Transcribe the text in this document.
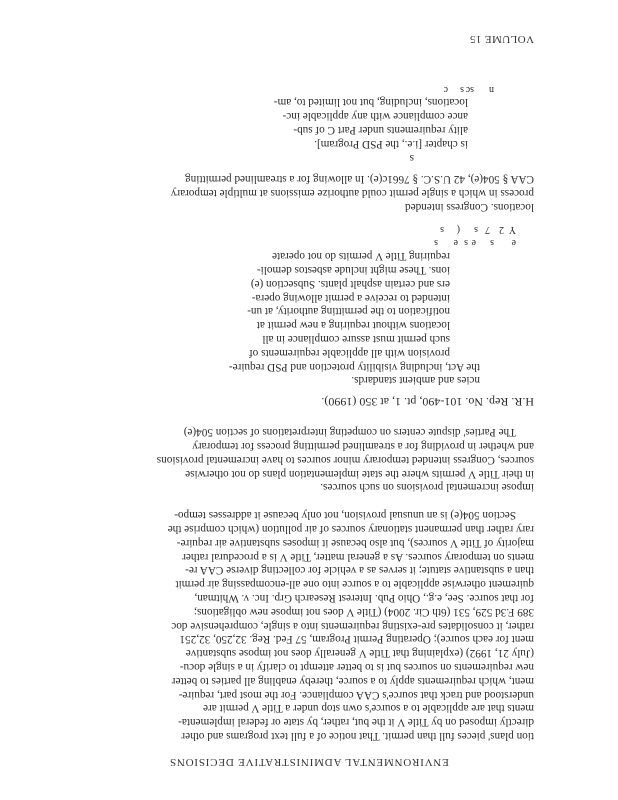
ENVIRONMENTAL ADMINISTRATIVE DECISIONS
tion plans' pieces full than permit. That notice of a full text programs and other
directly imposed on by Title V it the but, rather, by state or federal implementa-
ments that are applicable to a source's own stop under a Title V permit are
understood and track that source's CAA compliance. For the most part, require-
ment, which requirements apply to a source, thereby enabling all parties to better
new requirements on sources but is to better attempt to clarify in a single docu-
(July 21, 1992) (explaining that Title V generally does not impose substantive
ment for each source); Operating Permit Program, 57 Fed. Reg. 32,250, 32,251
rather, it consolidates pre-existing requirements into a single, comprehensive doc
389 F.3d 529, 531 (6th Cir. 2004) (Title V does not impose new obligations;
for that source. See, e.g., Ohio Pub. Interest Research Grp. Inc. v. Whitman,
quirement otherwise applicable to a source into one all-encompassing air permit
than a substantive statute; it serves as a vehicle for collecting diverse CAA re-
ments on temporary sources. As a general matter, Title V is a procedural rather
majority of Title V sources), but also because it imposes substantive air require-
rary rather than permanent stationary sources of air pollution (which comprise the
Section 504(e) is an unusual provision, not only because it addresses tempo-
impose incremental provisions on such sources.
in their Title V permits where the state implementation plans do not otherwise
sources, Congress intended temporary minor sources to have incremental provisions
and whether in providing for a streamlined permitting process for temporary
The Parties' dispute centers on competing interpretations of section 504(e)
H.R. Rep. No. 101-490, pt. 1, at 350 (1990).
ncies and ambient standards.
the Act, including visibility protection and PSD require-
provision with all applicable requirements of
such permit must assure compliance in all
locations without requiring a new permit at
notification to the permitting authority, at un-
intended to receive a permit allowing opera-
ers and certain asphalt plants. Subsection (e)
ions. These might include asbestos demoli-
requiring Title V permits do not operate
s
s	s e
e
e
Y
2
7
( s
s
locations. Congress intended
process in which a single permit could authorize emissions at multiple temporary
CAA § 504(e), 42 U.S.C. § 7661c(e). In allowing for a streamlined permitting
s
is chapter [i.e., the PSD Program].
ality requirements under Part C of sub-
ance compliance with any applicable inc-
locations, including, but not limited to, am-
sc n
s
c
VOLUME 15
